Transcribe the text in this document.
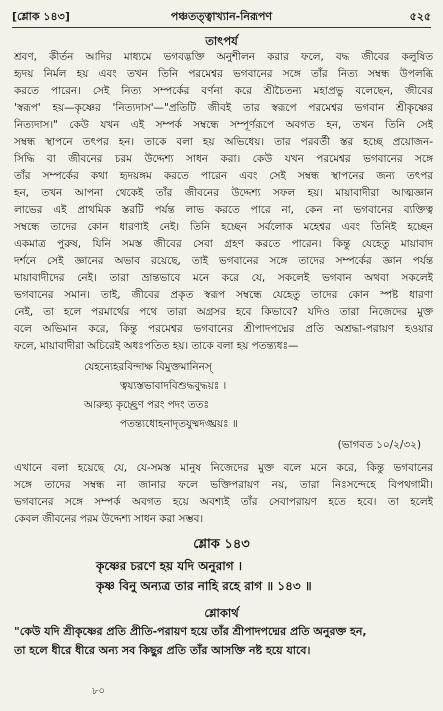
[শ্লোক ১৪৩]	পঞ্চতত্ত্বাখ্যান-নিরূপণ	৫২৫
তাৎপর্য
শ্রবণ, কীর্তন আদির মাধ্যমে ভগবদ্ভক্তি অনুশীলন করার ফলে, বদ্ধ জীবের কলুষিত
হৃদয় নির্মল হয় এবং তখন তিনি পরমেশ্বর ভগবানের সঙ্গে তাঁর নিত্য সম্বন্ধ উপলব্ধি
করতে পারেন। সেই নিত্য সম্পর্কের বর্ণনা করে শ্রীচৈতন্য মহাপ্রভু বলেছেন, জীবের
'স্বরূপ' হয়—কৃষ্ণের 'নিত্যদাস'—"প্রতিটি জীবই তার স্বরূপে পরমেশ্বর ভগবান শ্রীকৃষ্ণের
নিত্যদাস।" কেউ যখন এই সম্পর্ক সম্বন্ধে সম্পূর্ণরূপে অবগত হন, তখন তিনি সেই
সম্বন্ধ স্থাপনে তৎপর হন। তাকে বলা হয় অভিধেয়। তার পরবর্তী স্তর হচ্ছে প্রয়োজন-
সিদ্ধি বা জীবনের চরম উদ্দেশ্য সাধন করা। কেউ যখন পরমেশ্বর ভগবানের সঙ্গে
তাঁর সম্পর্কের কথা হৃদয়ঙ্গম করতে পারেন এবং সেই সম্বন্ধ স্থাপনের জন্য তৎপর
হন, তখন আপনা থেকেই তাঁর জীবনের উদ্দেশ্য সফল হয়। মায়াবাদীরা আত্মজ্ঞান
লাভের এই প্রাথমিক স্তরটি পর্যন্ত লাভ করতে পারে না, কেন না ভগবানের ব্যক্তিত্ব
সম্বন্ধে তাদের কোন ধারণাই নেই। তিনি হচ্ছেন সর্বলোক মহেশ্বর এবং তিনিই হচ্ছেন
একমাত্র পুরুষ, যিনি সমস্ত জীবের সেবা গ্রহণ করতে পারেন। কিন্তু যেহেতু মায়াবাদ
দর্শনে সেই জ্ঞানের অভাব রয়েছে, তাই ভগবানের সঙ্গে তাদের সম্পর্কের জ্ঞান পর্যন্ত
মায়াবাদীদের নেই। তারা ভ্রান্তভাবে মনে করে যে, সকলেই ভগবান অথবা সকলেই
ভগবানের সমান। তাই, জীবের প্রকৃত স্বরূপ সম্বন্ধে যেহেতু তাদের কোন স্পষ্ট ধারণা
নেই, তা হলে পরমার্থের পথে তারা অগ্রসর হবে কিভাবে? যদিও তারা নিজেদের মুক্ত
বলে অভিমান করে, কিন্তু পরমেশ্বর ভগবানের শ্রীপাদপদ্মের প্রতি অশ্রদ্ধা-পরায়ণ হওয়ার
ফলে, মায়াবাদীরা অচিরেই অধঃপতিত হয়। তাকে বলা হয় পতন্ত্যধঃ—
যেহন্যেহরবিন্দাক্ষ বিমুক্তমানিনস্
ত্বয্যস্তভাবাদবিশুদ্ধবুদ্ধয়ঃ ।
আরুহ্য কৃচ্ছ্রেণ পরং পদং ততঃ
পতন্ত্যধোহনাদৃতযুষ্মদঙ্ঘ্রয়ঃ ॥
(ভাগবত ১০/২/৩২)
এখানে বলা হয়েছে যে, যে-সমস্ত মানুষ নিজেদের মুক্ত বলে মনে করে, কিন্তু ভগবানের
সঙ্গে তাদের সম্বন্ধ না জানার ফলে ভক্তিপরায়ণ নয়, তারা নিঃসন্দেহে বিপথগামী।
ভগবানের সঙ্গে সম্পর্ক অবগত হয়ে অবশ্যই তাঁর সেবাপরায়ণ হতে হবে। তা হলেই
কেবল জীবনের পরম উদ্দেশ্য সাধন করা সম্ভব।
শ্লোক ১৪৩
কৃষ্ণের চরণে হয় যদি অনুরাগ ।
কৃষ্ণ বিনু অন্যত্র তার নাহি রহে রাগ ॥ ১৪৩ ॥
শ্লোকার্থ
"কেউ যদি শ্রীকৃষ্ণের প্রতি প্রীতি-পরায়ণ হয়ে তাঁর শ্রীপাদপদ্মের প্রতি অনুরক্ত হন,
তা হলে ধীরে ধীরে অন্য সব কিছুর প্রতি তাঁর আসক্তি নষ্ট হয়ে যাবে।
৮০
